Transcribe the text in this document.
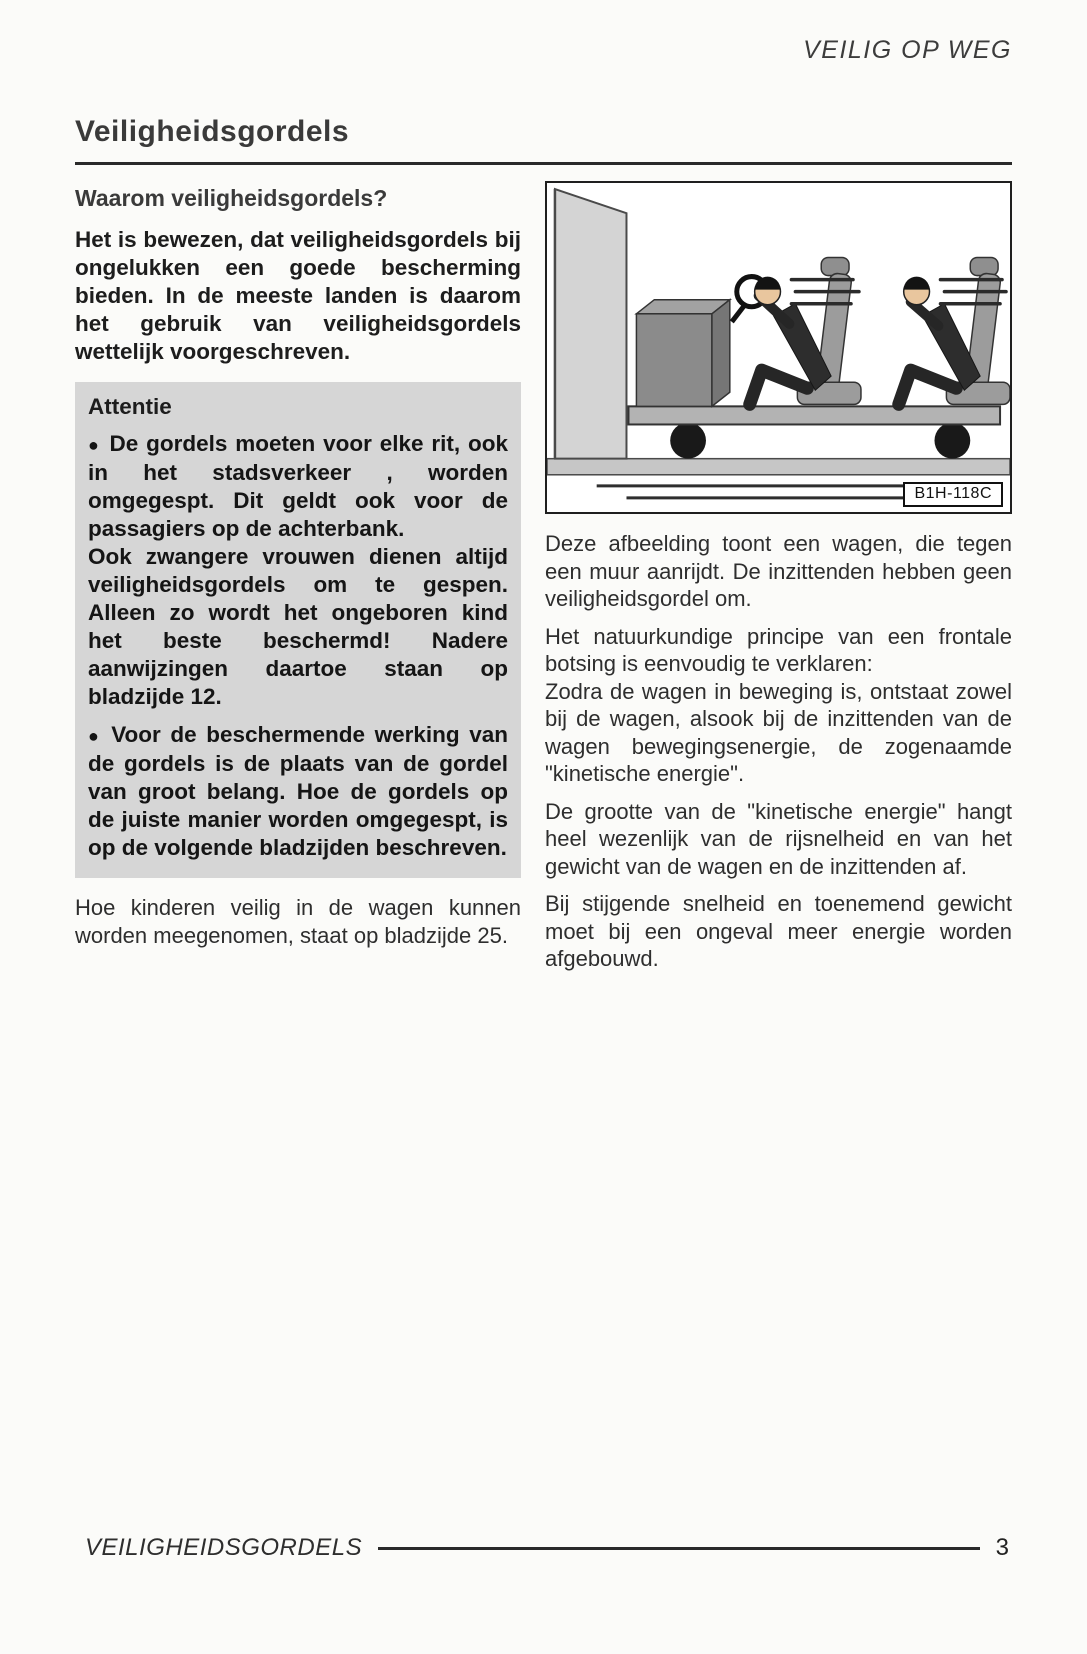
VEILIG OP WEG
Veiligheidsgordels
Waarom veiligheidsgordels?

Het is bewezen, dat veiligheidsgordels bij ongelukken een goede bescherming bieden. In de meeste landen is daarom het gebruik van veiligheidsgordels wettelijk voorgeschreven.

Attentie

● De gordels moeten voor elke rit, ook in het stadsverkeer , worden omgegespt. Dit geldt ook voor de passagiers op de achterbank.

Ook zwangere vrouwen dienen altijd veiligheidsgordels om te gespen. Alleen zo wordt het ongeboren kind het beste beschermd! Nadere aanwijzingen daartoe staan op bladzijde 12.

● Voor de beschermende werking van de gordels is de plaats van de gordel van groot belang. Hoe de gordels op de juiste manier worden omgegespt, is op de volgende bladzijden beschreven.

Hoe kinderen veilig in de wagen kunnen worden meegenomen, staat op bladzijde 25.

B1H-118C

Deze afbeelding toont een wagen, die tegen een muur aanrijdt. De inzittenden hebben geen veiligheidsgordel om.

Het natuurkundige principe van een frontale botsing is eenvoudig te verklaren:

Zodra de wagen in beweging is, ontstaat zowel bij de wagen, alsook bij de inzittenden van de wagen bewegingsenergie, de zogenaamde "kinetische energie".

De grootte van de "kinetische energie" hangt heel wezenlijk van de rijsnelheid en van het gewicht van de wagen en de inzittenden af.

Bij stijgende snelheid en toenemend gewicht moet bij een ongeval meer energie worden afgebouwd.

VEILIGHEIDSGORDELS	3
